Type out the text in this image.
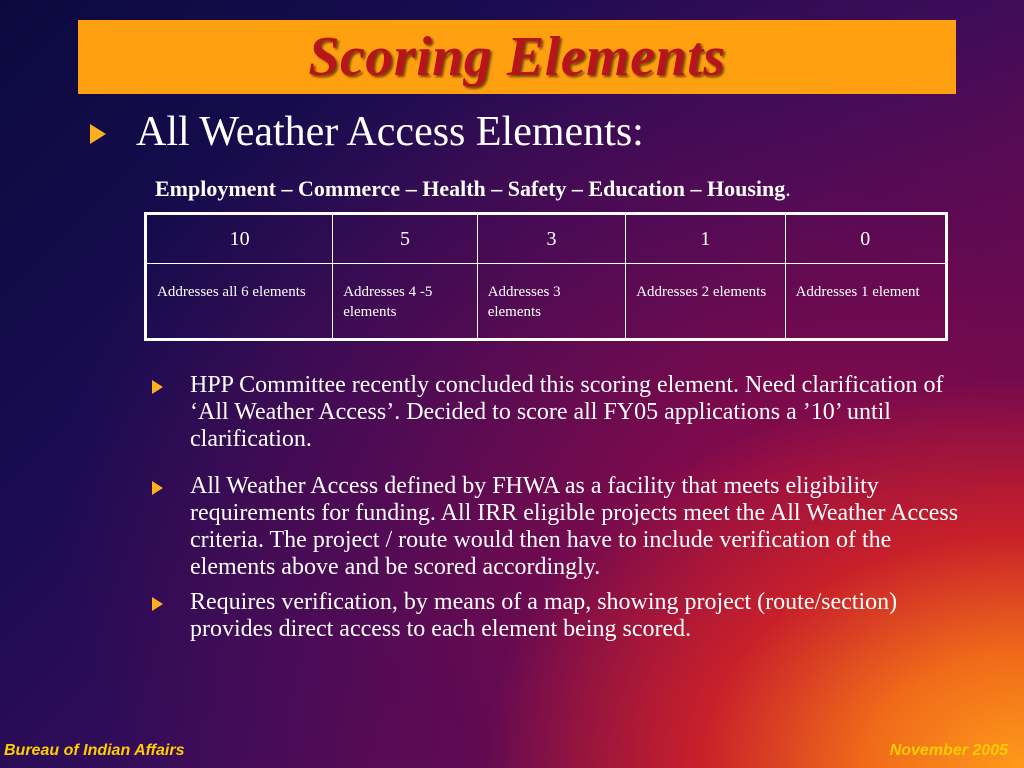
Scoring Elements
All Weather Access Elements:
Employment – Commerce – Health – Safety – Education – Housing.
10	5	3	1	0
Addresses all 6 elements	Addresses 4 -5 elements	Addresses 3 elements	Addresses 2 elements	Addresses 1 element
HPP Committee recently concluded this scoring element. Need clarification of ‘All Weather Access’. Decided to score all FY05 applications a ’10’ until clarification.
All Weather Access defined by FHWA as a facility that meets eligibility requirements for funding. All IRR eligible projects meet the All Weather Access criteria. The project / route would then have to include verification of the elements above and be scored accordingly.
Requires verification, by means of a map, showing project (route/section) provides direct access to each element being scored.
Bureau of Indian Affairs	November 2005
